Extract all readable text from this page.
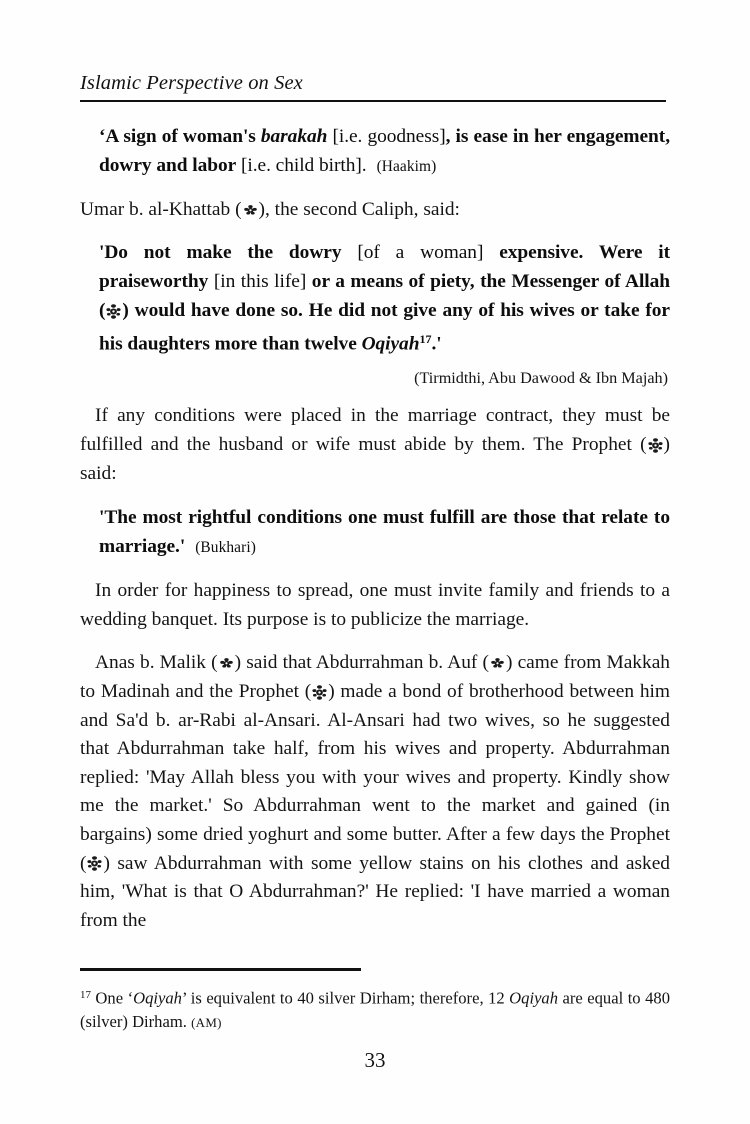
Islamic Perspective on Sex

‘A sign of woman's barakah [i.e. goodness], is ease in her engagement, dowry and labor [i.e. child birth]. (Haakim)

Umar b. al-Khattab ( ), the second Caliph, said:

'Do not make the dowry [of a woman] expensive. Were it praiseworthy [in this life] or a means of piety, the Messenger of Allah ( ) would have done so. He did not give any of his wives or take for his daughters more than twelve Oqiyah$^{17}$.'

(Tirmidthi, Abu Dawood & Ibn Majah)

If any conditions were placed in the marriage contract, they must be fulfilled and the husband or wife must abide by them. The Prophet ( ) said:

'The most rightful conditions one must fulfill are those that relate to marriage.' (Bukhari)

In order for happiness to spread, one must invite family and friends to a wedding banquet. Its purpose is to publicize the marriage.

Anas b. Malik ( ) said that Abdurrahman b. Auf ( ) came from Makkah to Madinah and the Prophet ( ) made a bond of brotherhood between him and Sa'd b. ar-Rabi al-Ansari. Al-Ansari had two wives, so he suggested that Abdurrahman take half, from his wives and property. Abdurrahman replied: 'May Allah bless you with your wives and property. Kindly show me the market.' So Abdurrahman went to the market and gained (in bargains) some dried yoghurt and some butter. After a few days the Prophet ( ) saw Abdurrahman with some yellow stains on his clothes and asked him, 'What is that O Abdurrahman?' He replied: 'I have married a woman from the

$^{17}$ One ‘Oqiyah’ is equivalent to 40 silver Dirham; therefore, 12 Oqiyah are equal to 480 (silver) Dirham. (AM)

33
